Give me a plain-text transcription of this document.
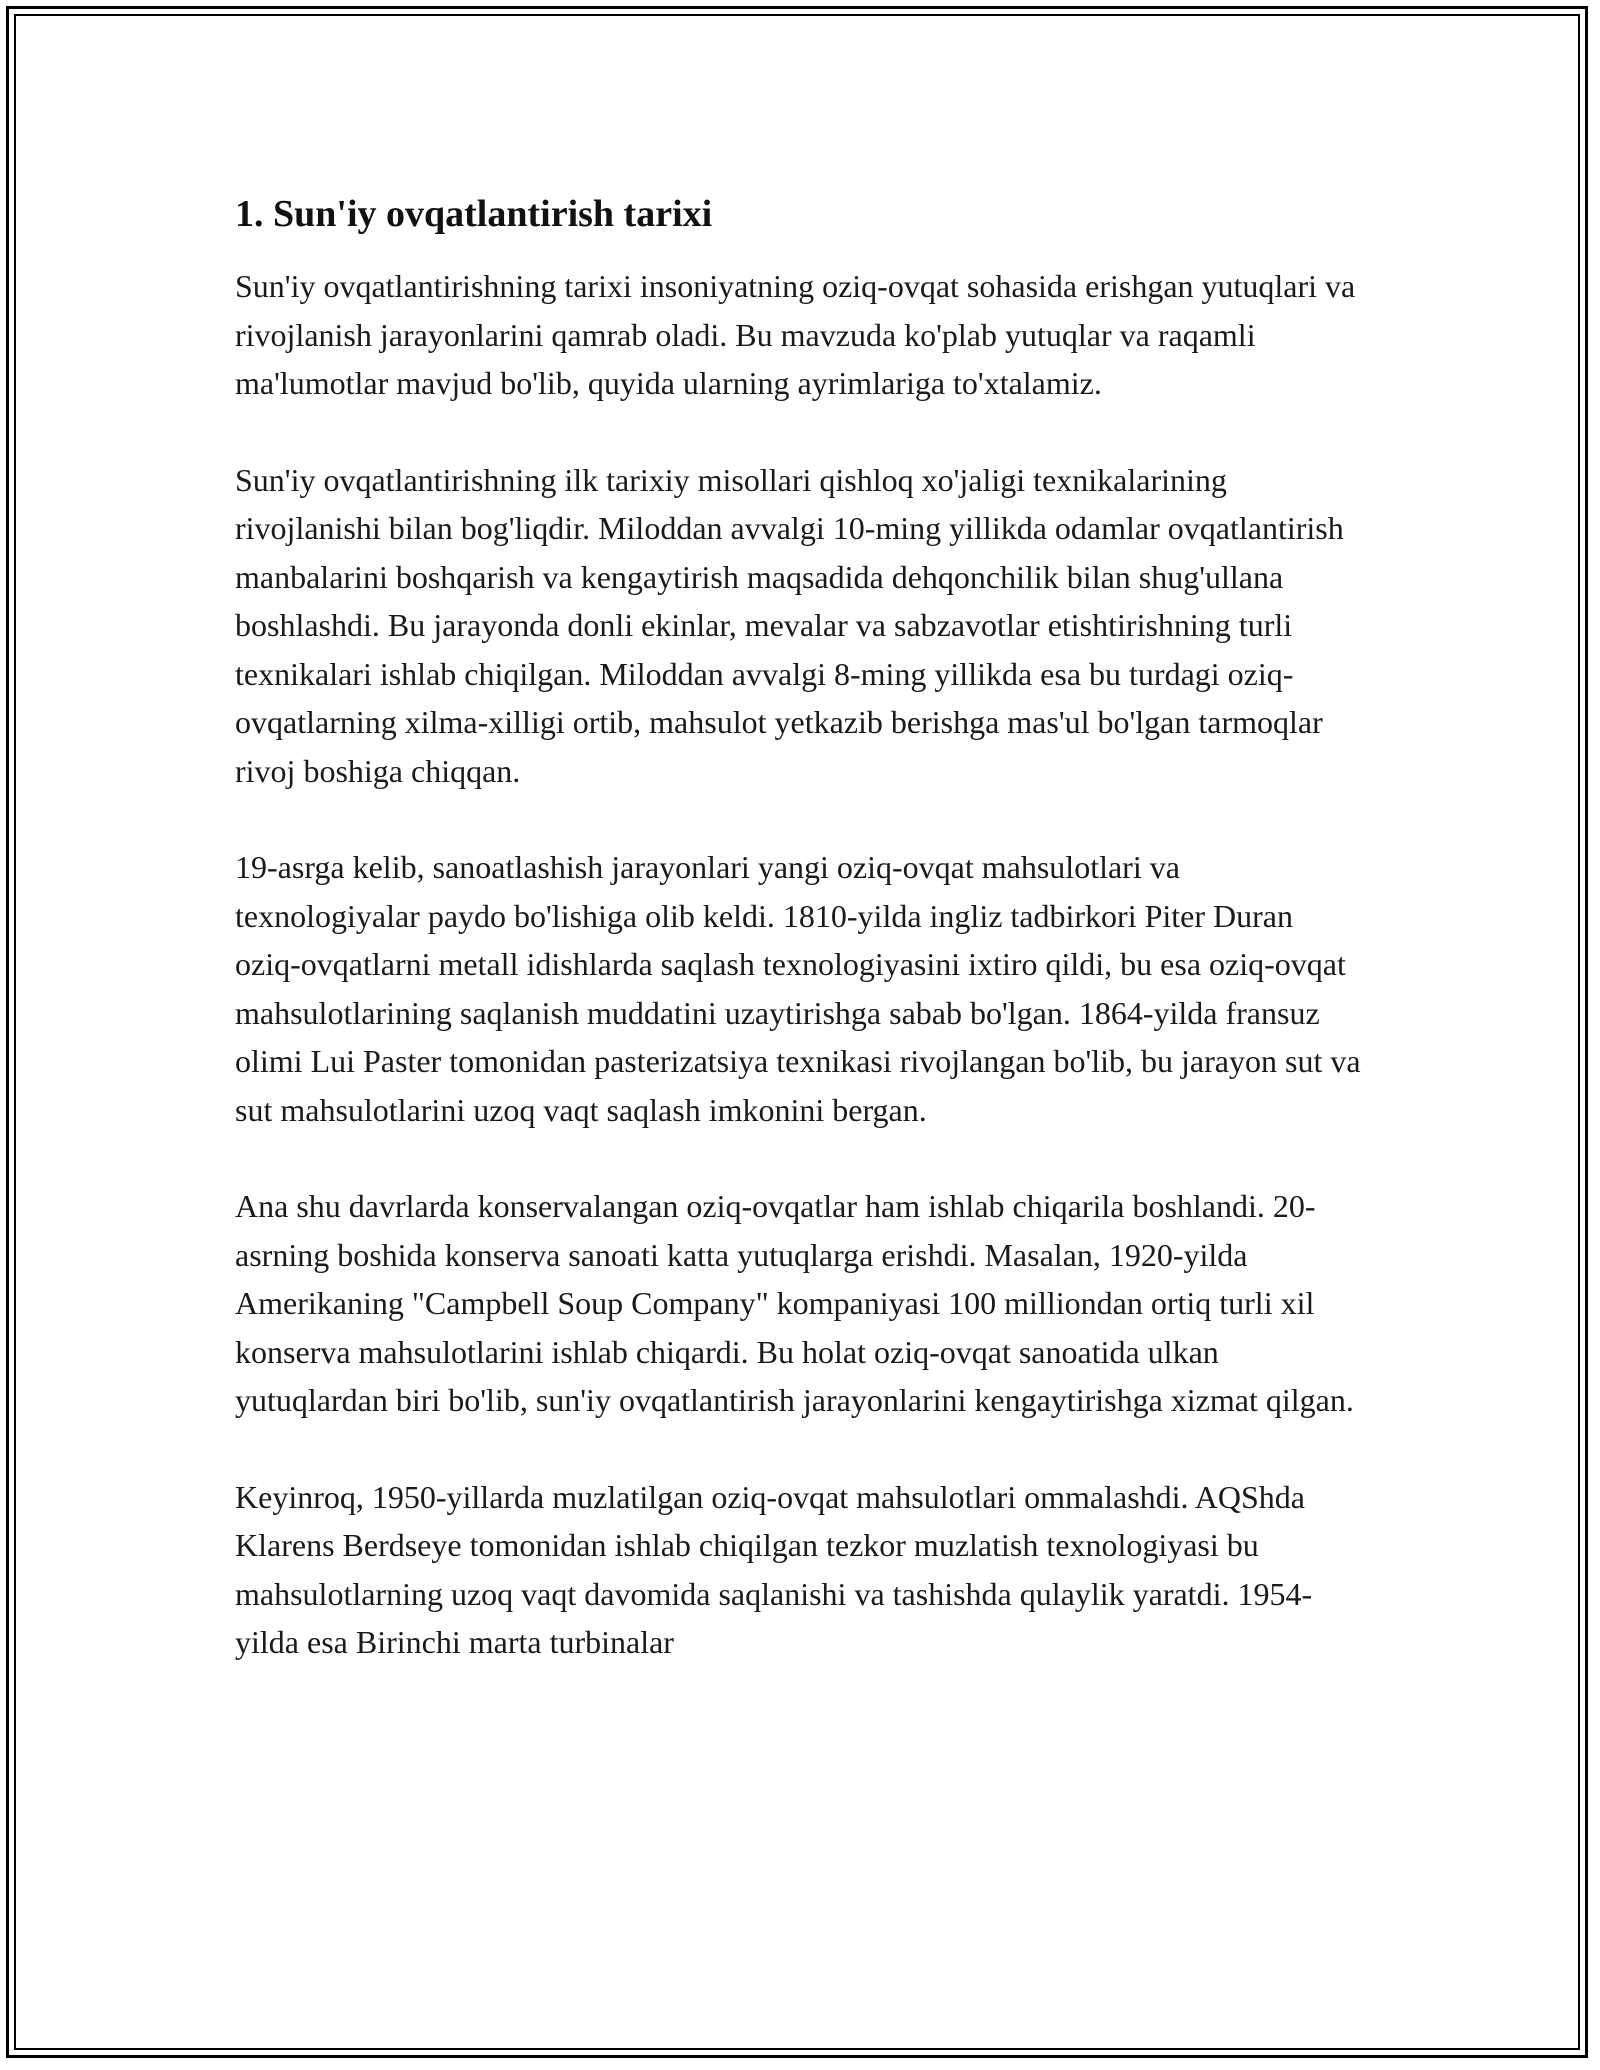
1. Sun'iy ovqatlantirish tarixi

Sun'iy ovqatlantirishning tarixi insoniyatning oziq-ovqat sohasida erishgan yutuqlari va rivojlanish jarayonlarini qamrab oladi. Bu mavzuda ko'plab yutuqlar va raqamli ma'lumotlar mavjud bo'lib, quyida ularning ayrimlariga to'xtalamiz.

Sun'iy ovqatlantirishning ilk tarixiy misollari qishloq xo'jaligi texnikalarining rivojlanishi bilan bog'liqdir. Miloddan avvalgi 10-ming yillikda odamlar ovqatlantirish manbalarini boshqarish va kengaytirish maqsadida dehqonchilik bilan shug'ullana boshlashdi. Bu jarayonda donli ekinlar, mevalar va sabzavotlar etishtirishning turli texnikalari ishlab chiqilgan. Miloddan avvalgi 8-ming yillikda esa bu turdagi oziq-ovqatlarning xilma-xilligi ortib, mahsulot yetkazib berishga mas'ul bo'lgan tarmoqlar rivoj boshiga chiqqan.

19-asrga kelib, sanoatlashish jarayonlari yangi oziq-ovqat mahsulotlari va texnologiyalar paydo bo'lishiga olib keldi. 1810-yilda ingliz tadbirkori Piter Duran oziq-ovqatlarni metall idishlarda saqlash texnologiyasini ixtiro qildi, bu esa oziq-ovqat mahsulotlarining saqlanish muddatini uzaytirishga sabab bo'lgan. 1864-yilda fransuz olimi Lui Paster tomonidan pasterizatsiya texnikasi rivojlangan bo'lib, bu jarayon sut va sut mahsulotlarini uzoq vaqt saqlash imkonini bergan.

Ana shu davrlarda konservalangan oziq-ovqatlar ham ishlab chiqarila boshlandi. 20-asrning boshida konserva sanoati katta yutuqlarga erishdi. Masalan, 1920-yilda Amerikaning "Campbell Soup Company" kompaniyasi 100 milliondan ortiq turli xil konserva mahsulotlarini ishlab chiqardi. Bu holat oziq-ovqat sanoatida ulkan yutuqlardan biri bo'lib, sun'iy ovqatlantirish jarayonlarini kengaytirishga xizmat qilgan.

Keyinroq, 1950-yillarda muzlatilgan oziq-ovqat mahsulotlari ommalashdi. AQShda Klarens Berdseye tomonidan ishlab chiqilgan tezkor muzlatish texnologiyasi bu mahsulotlarning uzoq vaqt davomida saqlanishi va tashishda qulaylik yaratdi. 1954-yilda esa Birinchi marta turbinalar
